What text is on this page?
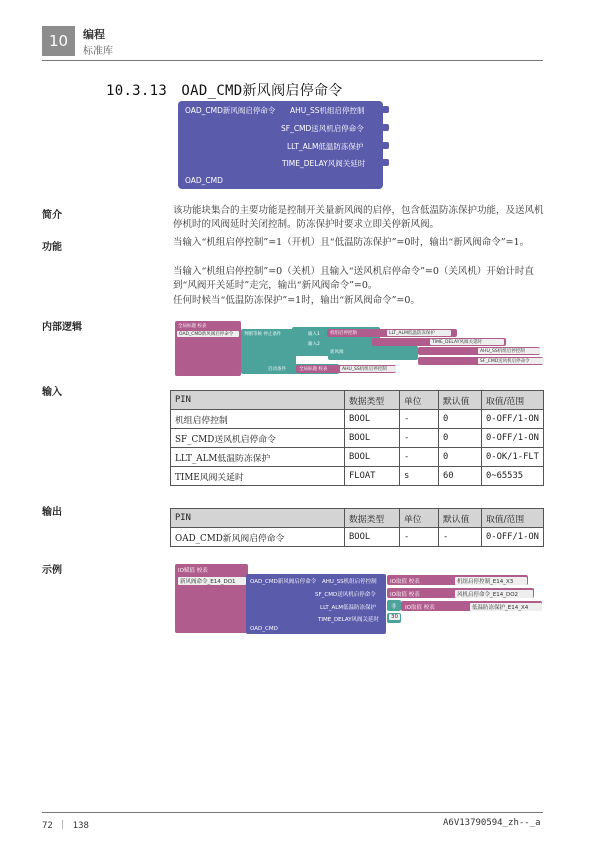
10	编程
标准库
10.3.13　OAD_CMD新风阀启停命令
OAD_CMD新风阀启停命令 AHU_SS机组启停控制
SF_CMD送风机启停命令
LLT_ALM低温防冻保护
TIME_DELAY风阀关延时
OAD_CMD
简介	该功能块集合的主要功能是控制开关量新风阀的启停，包含低温防冻保护功能，及送风机停机时的风阀延时关闭控制。防冻保护时要求立即关停新风阀。
功能	当输入“机组启停控制”=1（开机）且“低温防冻保护”=0时，输出“新风阀命令”=1。
当输入“机组启停控制”=0（关机）且输入“送风机启停命令”=0（关风机）开始计时直到“风阀开关延时”走完，输出“新风阀命令”=0。
任何时候当“低温防冻保护”=1时，输出“新风阀命令”=0。
内部逻辑	全局标题 校表
OAD_CMD新风阀启停命令	判断等候 停止条件	输入1
输入2
机组启停控制	LLT_ALM低温防冻保护
TIME_DELAY风阀关延时
新风阀	AHU_SS机组启停控制
SF_CMD送风机启停命令
启动条件	全局标题 校表	AHU_SS机组启停控制
输入
PIN	数据类型	单位	默认值	取值/范围
机组启停控制	BOOL	-	0	0-OFF/1-ON
SF_CMD送风机启停命令	BOOL	-	0	0-OFF/1-ON
LLT_ALM低温防冻保护	BOOL	-	0	0-OK/1-FLT
TIME风阀关延时	FLOAT	s	60	0~65535
输出	PIN	数据类型	单位	默认值	取值/范围
OAD_CMD新风阀启停命令	BOOL	-	-	0-OFF/1-ON
示例	IO赋值 校表
新风阀命令_E14_DO1	OAD_CMD新风阀启停命令 AHU_SS机组启停控制
SF_CMD送风机启停命令
LLT_ALM低温防冻保护
TIME_DELAY风阀关延时
OAD_CMD
IO取值 校表	机组启停控制_E14_X3
IO取值 校表	风机启停命令_E14_DO2
非 IO取值 校表	低温防冻保护_E14_X4
30
72 ｜ 138	A6V13790594_zh--_a
